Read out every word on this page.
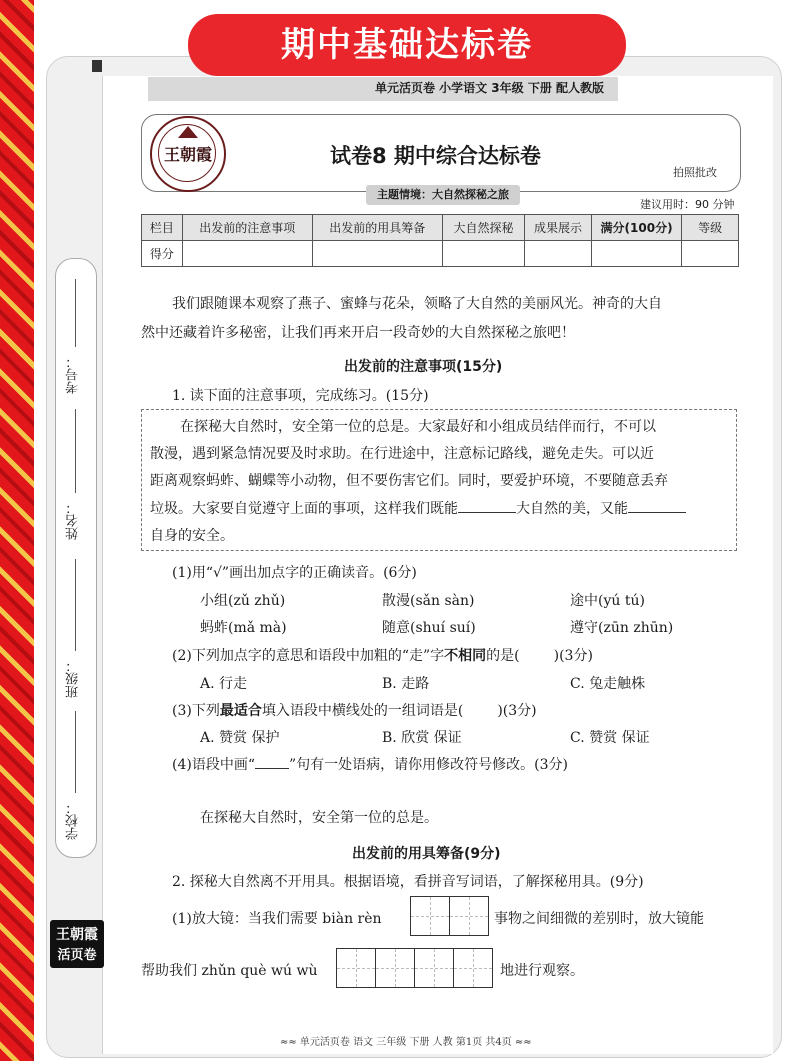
期中基础达标卷
单元活页卷 小学语文 3年级 下册 配人教版
王朝霞	试卷8 期中综合达标卷
拍照批改
主题情境：大自然探秘之旅
建议用时：90 分钟
栏目	出发前的注意事项	出发前的用具筹备	大自然探秘	成果展示	满分(100分)	等级
得分						
我们跟随课本观察了燕子、蜜蜂与花朵，领略了大自然的美丽风光。神奇的大自
然中还藏着许多秘密，让我们再来开启一段奇妙的大自然探秘之旅吧！
出发前的注意事项(15分)
1. 读下面的注意事项，完成练习。(15分)
在探秘大自然时，安全第一位的总是。大家最好和小组成员结伴而行，不可以
散漫，遇到紧急情况要及时求助。在行进途中，注意标记路线，避免走失。可以近
距离观察蚂蚱、蝴蝶等小动物，但不要伤害它们。同时，要爱护环境，不要随意丢弃
垃圾。大家要自觉遵守上面的事项，这样我们既能	大自然的美，又能
自身的安全。
(1)用“√”画出加点字的正确读音。(6分)
小组(zǔ zhǔ)	散漫(sǎn sàn)	途中(yú tú)
蚂蚱(mǎ mà)	随意(shuí suí)	遵守(zūn zhūn)
(2)下列加点字的意思和语段中加粗的“走”字不相同的是( )(3分)
A. 行走	B. 走路	C. 兔走触株
(3)下列最适合填入语段中横线处的一组词语是( )(3分)
A. 赞赏 保护	B. 欣赏 保证	C. 赞赏 保证
(4)语段中画“ ”句有一处语病，请你用修改符号修改。(3分)
在探秘大自然时，安全第一位的总是。
出发前的用具筹备(9分)
2. 探秘大自然离不开用具。根据语境，看拼音写词语，了解探秘用具。(9分)
(1)放大镜：当我们需要 biàn rèn	事物之间细微的差别时，放大镜能
帮助我们 zhǔn què wú wù	地进行观察。
考号：
姓名：
班级：
学校：
王朝霞
活页卷
≈≈ 单元活页卷 语文 三年级 下册 人教 第1页 共4页 ≈≈
